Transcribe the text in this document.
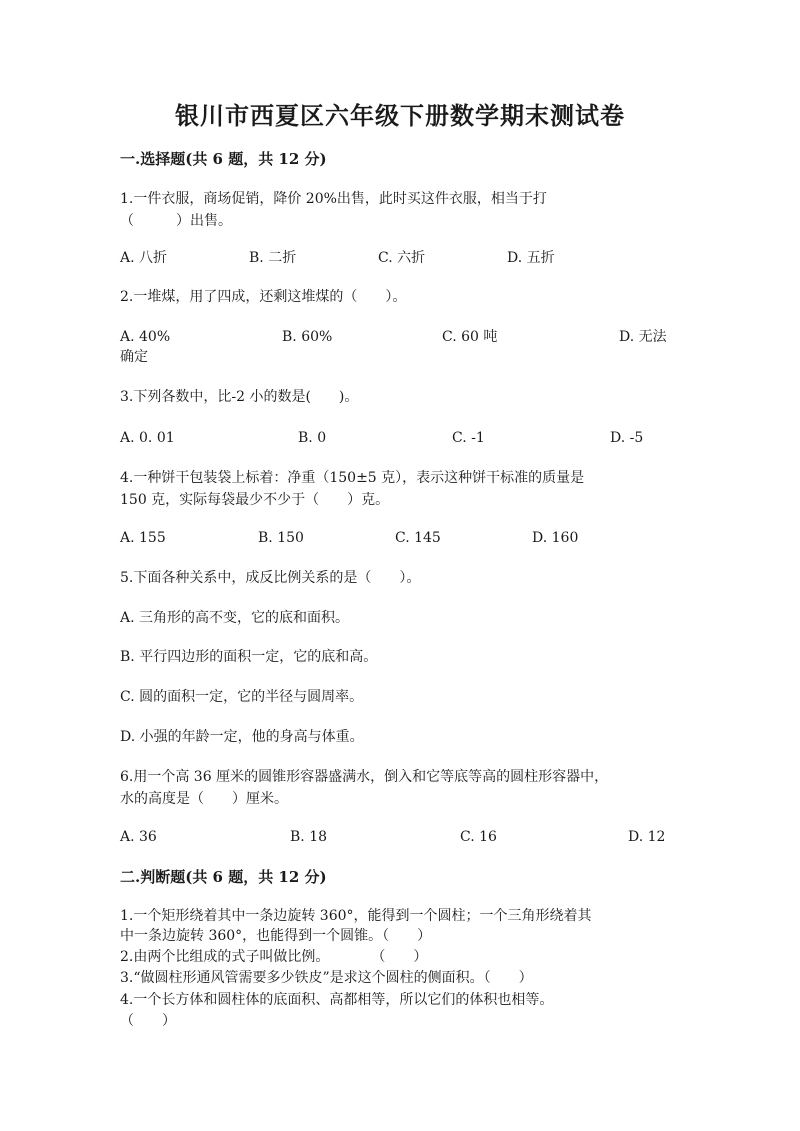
银川市西夏区六年级下册数学期末测试卷
一.选择题(共 6 题，共 12 分)
1.一件衣服，商场促销，降价 20%出售，此时买这件衣服，相当于打
（　　　）出售。
A. 八折	B. 二折	C. 六折	D. 五折
2.一堆煤，用了四成，还剩这堆煤的（　　）。
A. 40%	B. 60%	C. 60 吨	D. 无法
确定
3.下列各数中，比-2 小的数是(　　)。
A. 0. 01	B. 0	C. -1	D. -5
4.一种饼干包装袋上标着：净重（150±5 克），表示这种饼干标准的质量是
150 克，实际每袋最少不少于（　　）克。
A. 155	B. 150	C. 145	D. 160
5.下面各种关系中，成反比例关系的是（　　）。
A. 三角形的高不变，它的底和面积。
B. 平行四边形的面积一定，它的底和高。
C. 圆的面积一定，它的半径与圆周率。
D. 小强的年龄一定，他的身高与体重。
6.用一个高 36 厘米的圆锥形容器盛满水，倒入和它等底等高的圆柱形容器中，
水的高度是（　　）厘米。
A. 36	B. 18	C. 16	D. 12
二.判断题(共 6 题，共 12 分)
1.一个矩形绕着其中一条边旋转 360°，能得到一个圆柱；一个三角形绕着其
中一条边旋转 360°，也能得到一个圆锥。（　　）
2.由两个比组成的式子叫做比例。　　　　（　　）
3.“做圆柱形通风管需要多少铁皮”是求这个圆柱的侧面积。（　　）
4.一个长方体和圆柱体的底面积、高都相等，所以它们的体积也相等。
（　　）
